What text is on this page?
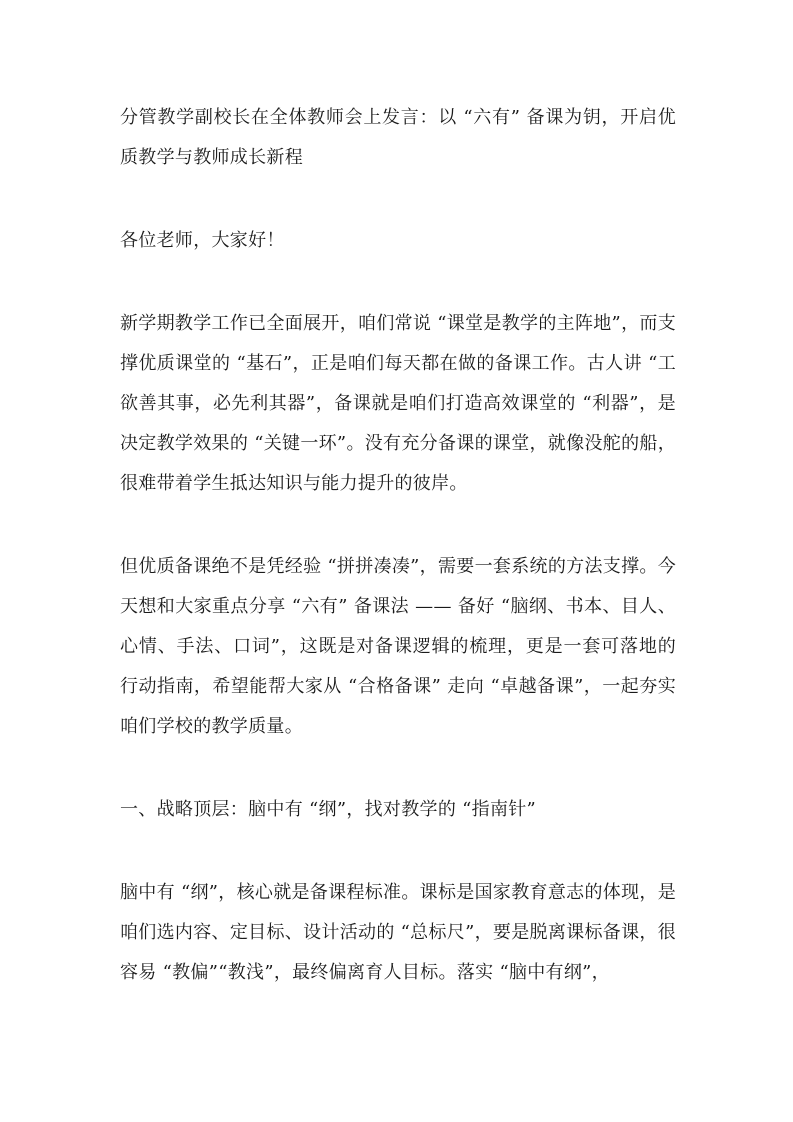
分管教学副校长在全体教师会上发言：以 “六有” 备课为钥，开启优质教学与教师成长新程

各位老师，大家好！

新学期教学工作已全面展开，咱们常说 “课堂是教学的主阵地”，而支撑优质课堂的 “基石”，正是咱们每天都在做的备课工作。古人讲 “工欲善其事，必先利其器”，备课就是咱们打造高效课堂的 “利器”，是决定教学效果的 “关键一环”。没有充分备课的课堂，就像没舵的船，很难带着学生抵达知识与能力提升的彼岸。

但优质备课绝不是凭经验 “拼拼凑凑”，需要一套系统的方法支撑。今天想和大家重点分享 “六有” 备课法 —— 备好 “脑纲、书本、目人、心情、手法、口词”，这既是对备课逻辑的梳理，更是一套可落地的行动指南，希望能帮大家从 “合格备课” 走向 “卓越备课”，一起夯实咱们学校的教学质量。

一、战略顶层：脑中有 “纲”，找对教学的 “指南针”

脑中有 “纲”，核心就是备课程标准。课标是国家教育意志的体现，是咱们选内容、定目标、设计活动的 “总标尺”，要是脱离课标备课，很容易 “教偏”“教浅”，最终偏离育人目标。落实 “脑中有纲”，
